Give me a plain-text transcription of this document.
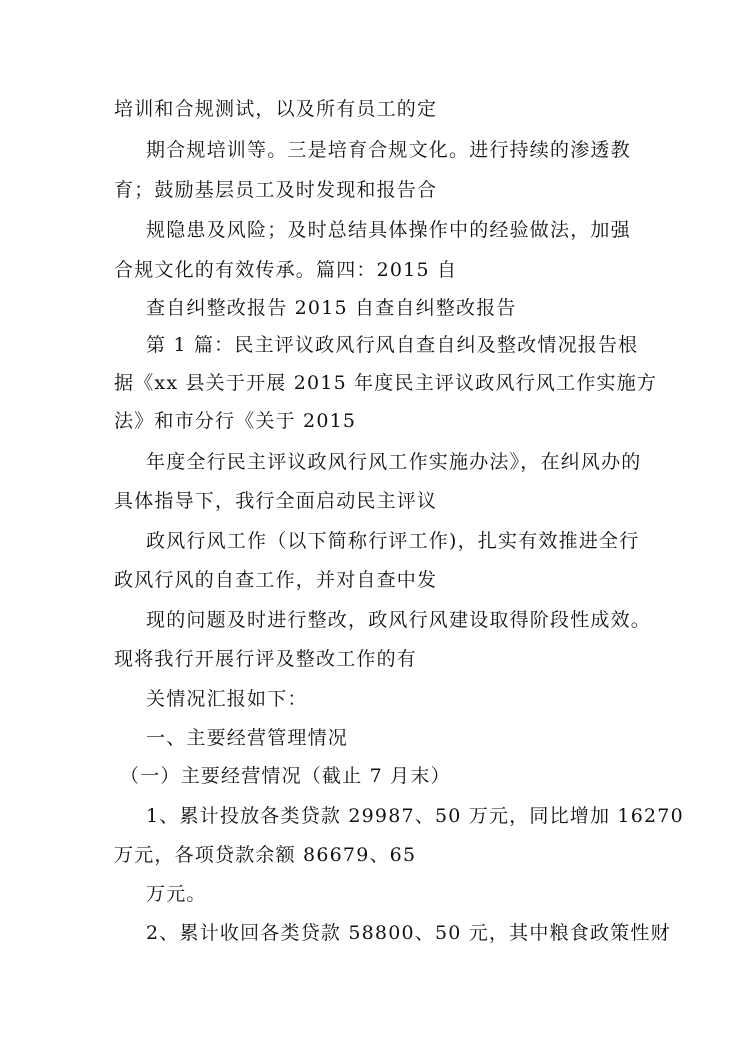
培训和合规测试，以及所有员工的定
期合规培训等。三是培育合规文化。进行持续的渗透教
育；鼓励基层员工及时发现和报告合
规隐患及风险；及时总结具体操作中的经验做法，加强
合规文化的有效传承。篇四：2015 自
查自纠整改报告 2015 自查自纠整改报告
第 1 篇：民主评议政风行风自查自纠及整改情况报告根
据《xx 县关于开展 2015 年度民主评议政风行风工作实施方
法》和市分行《关于 2015
年度全行民主评议政风行风工作实施办法》，在纠风办的
具体指导下，我行全面启动民主评议
政风行风工作（以下简称行评工作)，扎实有效推进全行
政风行风的自查工作，并对自查中发
现的问题及时进行整改，政风行风建设取得阶段性成效。
现将我行开展行评及整改工作的有
关情况汇报如下：
一、主要经营管理情况
（一）主要经营情况（截止 7 月末）
1、累计投放各类贷款 29987、50 万元，同比增加 16270
万元，各项贷款余额 86679、65
万元。
2、累计收回各类贷款 58800、50 元，其中粮食政策性财
